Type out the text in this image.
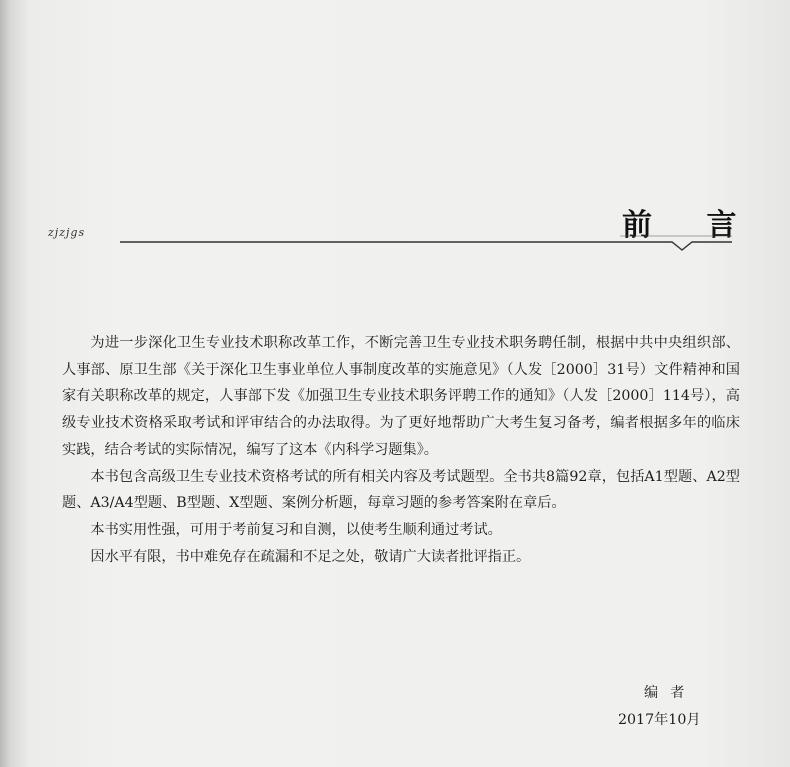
zjzjgs	前 言

为进一步深化卫生专业技术职称改革工作，不断完善卫生专业技术职务聘任制，根据中共中央组织部、人事部、原卫生部《关于深化卫生事业单位人事制度改革的实施意见》（人发［2000］31号）文件精神和国家有关职称改革的规定，人事部下发《加强卫生专业技术职务评聘工作的通知》（人发［2000］114号），高级专业技术资格采取考试和评审结合的办法取得。为了更好地帮助广大考生复习备考，编者根据多年的临床实践，结合考试的实际情况，编写了这本《内科学习题集》。

本书包含高级卫生专业技术资格考试的所有相关内容及考试题型。全书共8篇92章，包括A1型题、A2型题、A3/A4型题、B型题、X型题、案例分析题，每章习题的参考答案附在章后。

本书实用性强，可用于考前复习和自测，以使考生顺利通过考试。

因水平有限，书中难免存在疏漏和不足之处，敬请广大读者批评指正。

编者
2017年10月
